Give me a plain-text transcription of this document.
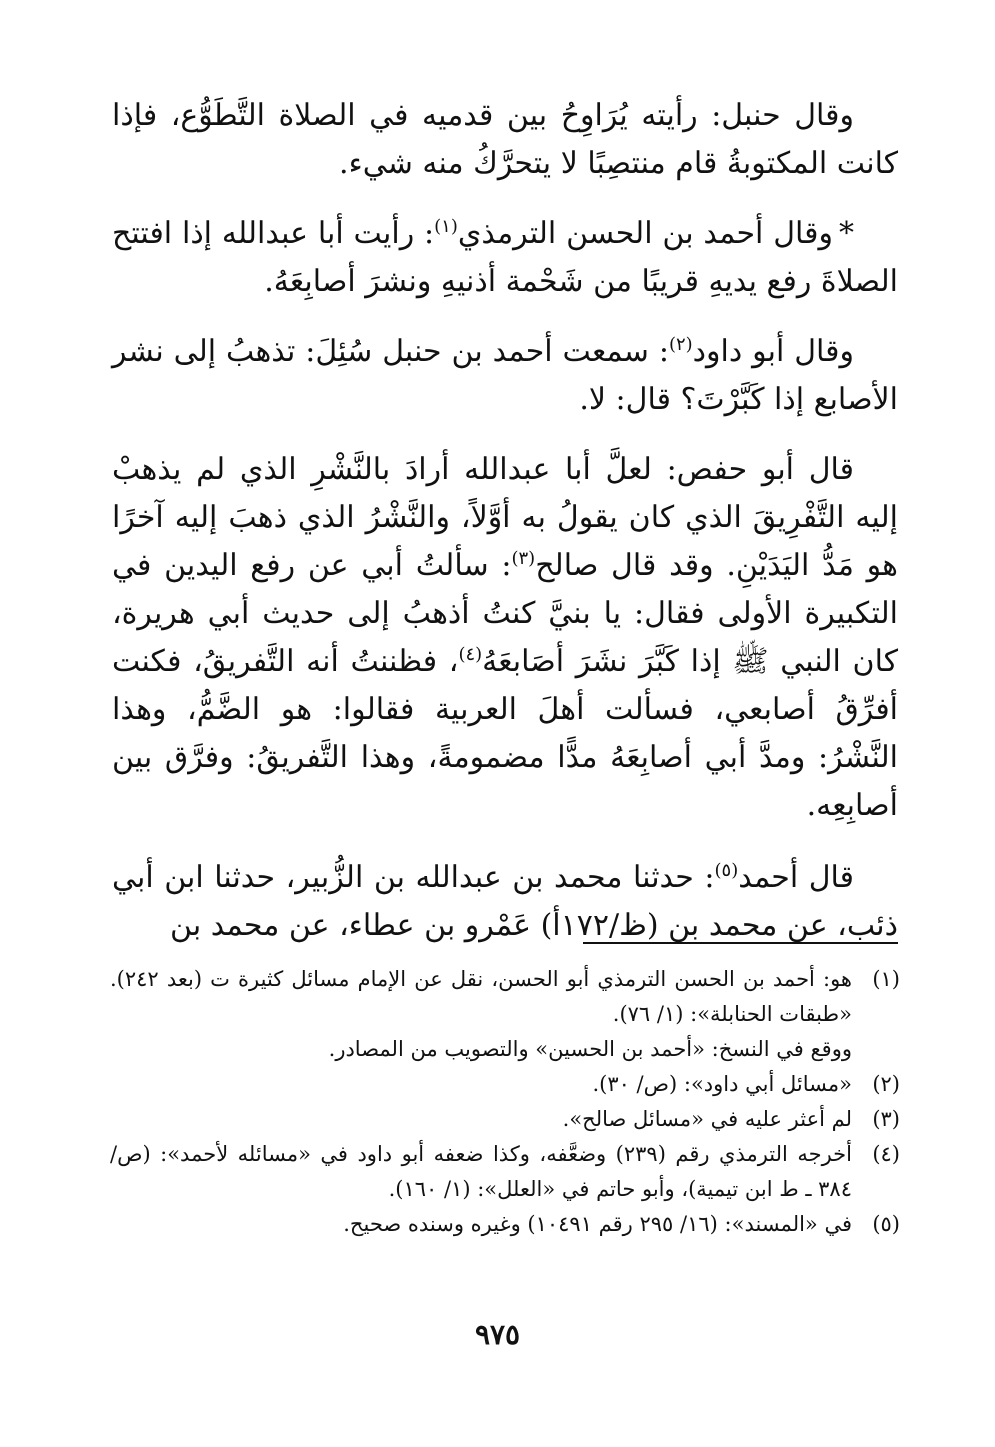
وقال حنبل: رأيته يُرَاوِحُ بين قدميه في الصلاة التَّطَوُّع، فإذا كانت المكتوبةُ قام منتصِبًا لا يتحرَّكُ منه شيء.

*وقال أحمد بن الحسن الترمذي$^{(١)}$: رأيت أبا عبدالله إذا افتتح الصلاةَ رفع يديهِ قريبًا من شَحْمة أذنيهِ ونشرَ أصابِعَهُ.

وقال أبو داود$^{(٢)}$: سمعت أحمد بن حنبل سُئِلَ: تذهبُ إلى نشر الأصابع إذا كَبَّرْتَ؟ قال: لا.

قال أبو حفص: لعلَّ أبا عبدالله أرادَ بالنَّشْرِ الذي لم يذهبْ إليه التَّفْرِيقَ الذي كان يقولُ به أوَّلاً، والنَّشْرُ الذي ذهبَ إليه آخرًا هو مَدُّ اليَدَيْنِ. وقد قال صالح$^{(٣)}$: سألتُ أبي عن رفع اليدين في التكبيرة الأولى فقال: يا بنيَّ كنتُ أذهبُ إلى حديث أبي هريرة، كان النبي ﷺ إذا كَبَّرَ نشَرَ أصَابعَهُ$^{(٤)}$، فظننتُ أنه التَّفريقُ، فكنت أفرِّقُ أصابعي، فسألت أهلَ العربية فقالوا: هو الضَّمُّ، وهذا النَّشْرُ: ومدَّ أبي أصابِعَهُ مدًّا مضمومةً، وهذا التَّفريقُ: وفرَّق بين أصابِعِه.

قال أحمد$^{(٥)}$: حدثنا محمد بن عبدالله بن الزُّبير، حدثنا ابن أبي ذئب، عن محمد بن (ظ/١٧٢أ) عَمْرو بن عطاء، عن محمد بن

(١)
هو: أحمد بن الحسن الترمذي أبو الحسن، نقل عن الإمام مسائل كثيرة ت (بعد ٢٤٢). «طبقات الحنابلة»: (١/ ٧٦).
ووقع في النسخ: «أحمد بن الحسين» والتصويب من المصادر.
(٢)
«مسائل أبي داود»: (ص/ ٣٠).
(٣)
لم أعثر عليه في «مسائل صالح».
(٤)
أخرجه الترمذي رقم (٢٣٩) وضعَّفه، وكذا ضعفه أبو داود في «مسائله لأحمد»: (ص/ ٣٨٤ ـ ط ابن تيمية)، وأبو حاتم في «العلل»: (١/ ١٦٠).
(٥)
في «المسند»: (١٦/ ٢٩٥ رقم ١٠٤٩١) وغيره وسنده صحيح.
٩٧٥
